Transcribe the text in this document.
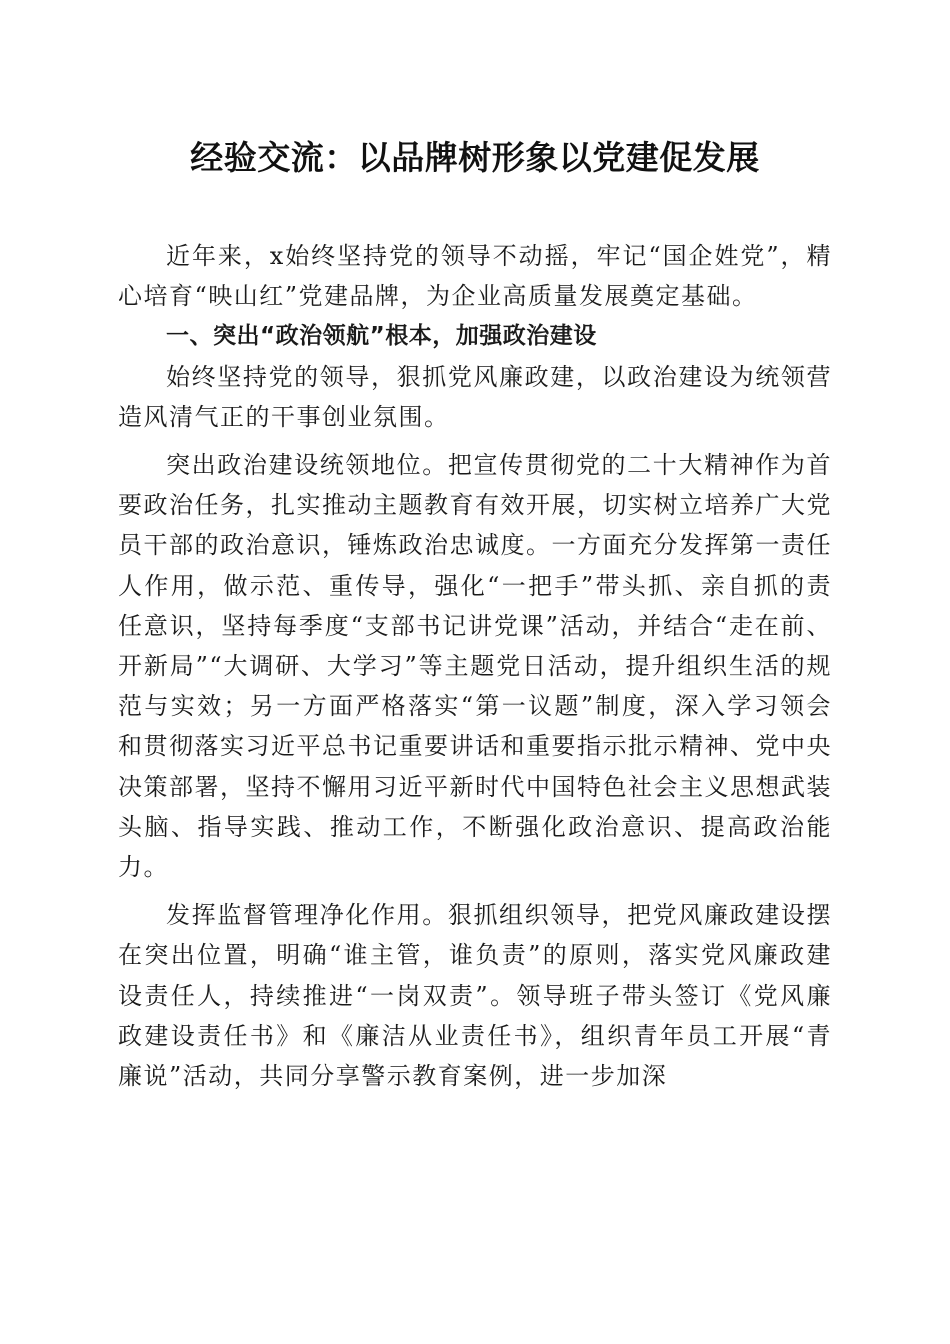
经验交流：以品牌树形象以党建促发展

近年来，x始终坚持党的领导不动摇，牢记“国企姓党”，精心培育“映山红”党建品牌，为企业高质量发展奠定基础。

一、突出“政治领航”根本，加强政治建设

始终坚持党的领导，狠抓党风廉政建，以政治建设为统领营造风清气正的干事创业氛围。

突出政治建设统领地位。把宣传贯彻党的二十大精神作为首要政治任务，扎实推动主题教育有效开展，切实树立培养广大党员干部的政治意识，锤炼政治忠诚度。一方面充分发挥第一责任人作用，做示范、重传导，强化“一把手”带头抓、亲自抓的责任意识，坚持每季度“支部书记讲党课”活动，并结合“走在前、开新局”“大调研、大学习”等主题党日活动，提升组织生活的规范与实效；另一方面严格落实“第一议题”制度，深入学习领会和贯彻落实习近平总书记重要讲话和重要指示批示精神、党中央决策部署，坚持不懈用习近平新时代中国特色社会主义思想武装头脑、指导实践、推动工作，不断强化政治意识、提高政治能力。

发挥监督管理净化作用。狠抓组织领导，把党风廉政建设摆在突出位置，明确“谁主管，谁负责”的原则，落实党风廉政建设责任人，持续推进“一岗双责”。领导班子带头签订《党风廉政建设责任书》和《廉洁从业责任书》，组织青年员工开展“青廉说”活动，共同分享警示教育案例，进一步加深
